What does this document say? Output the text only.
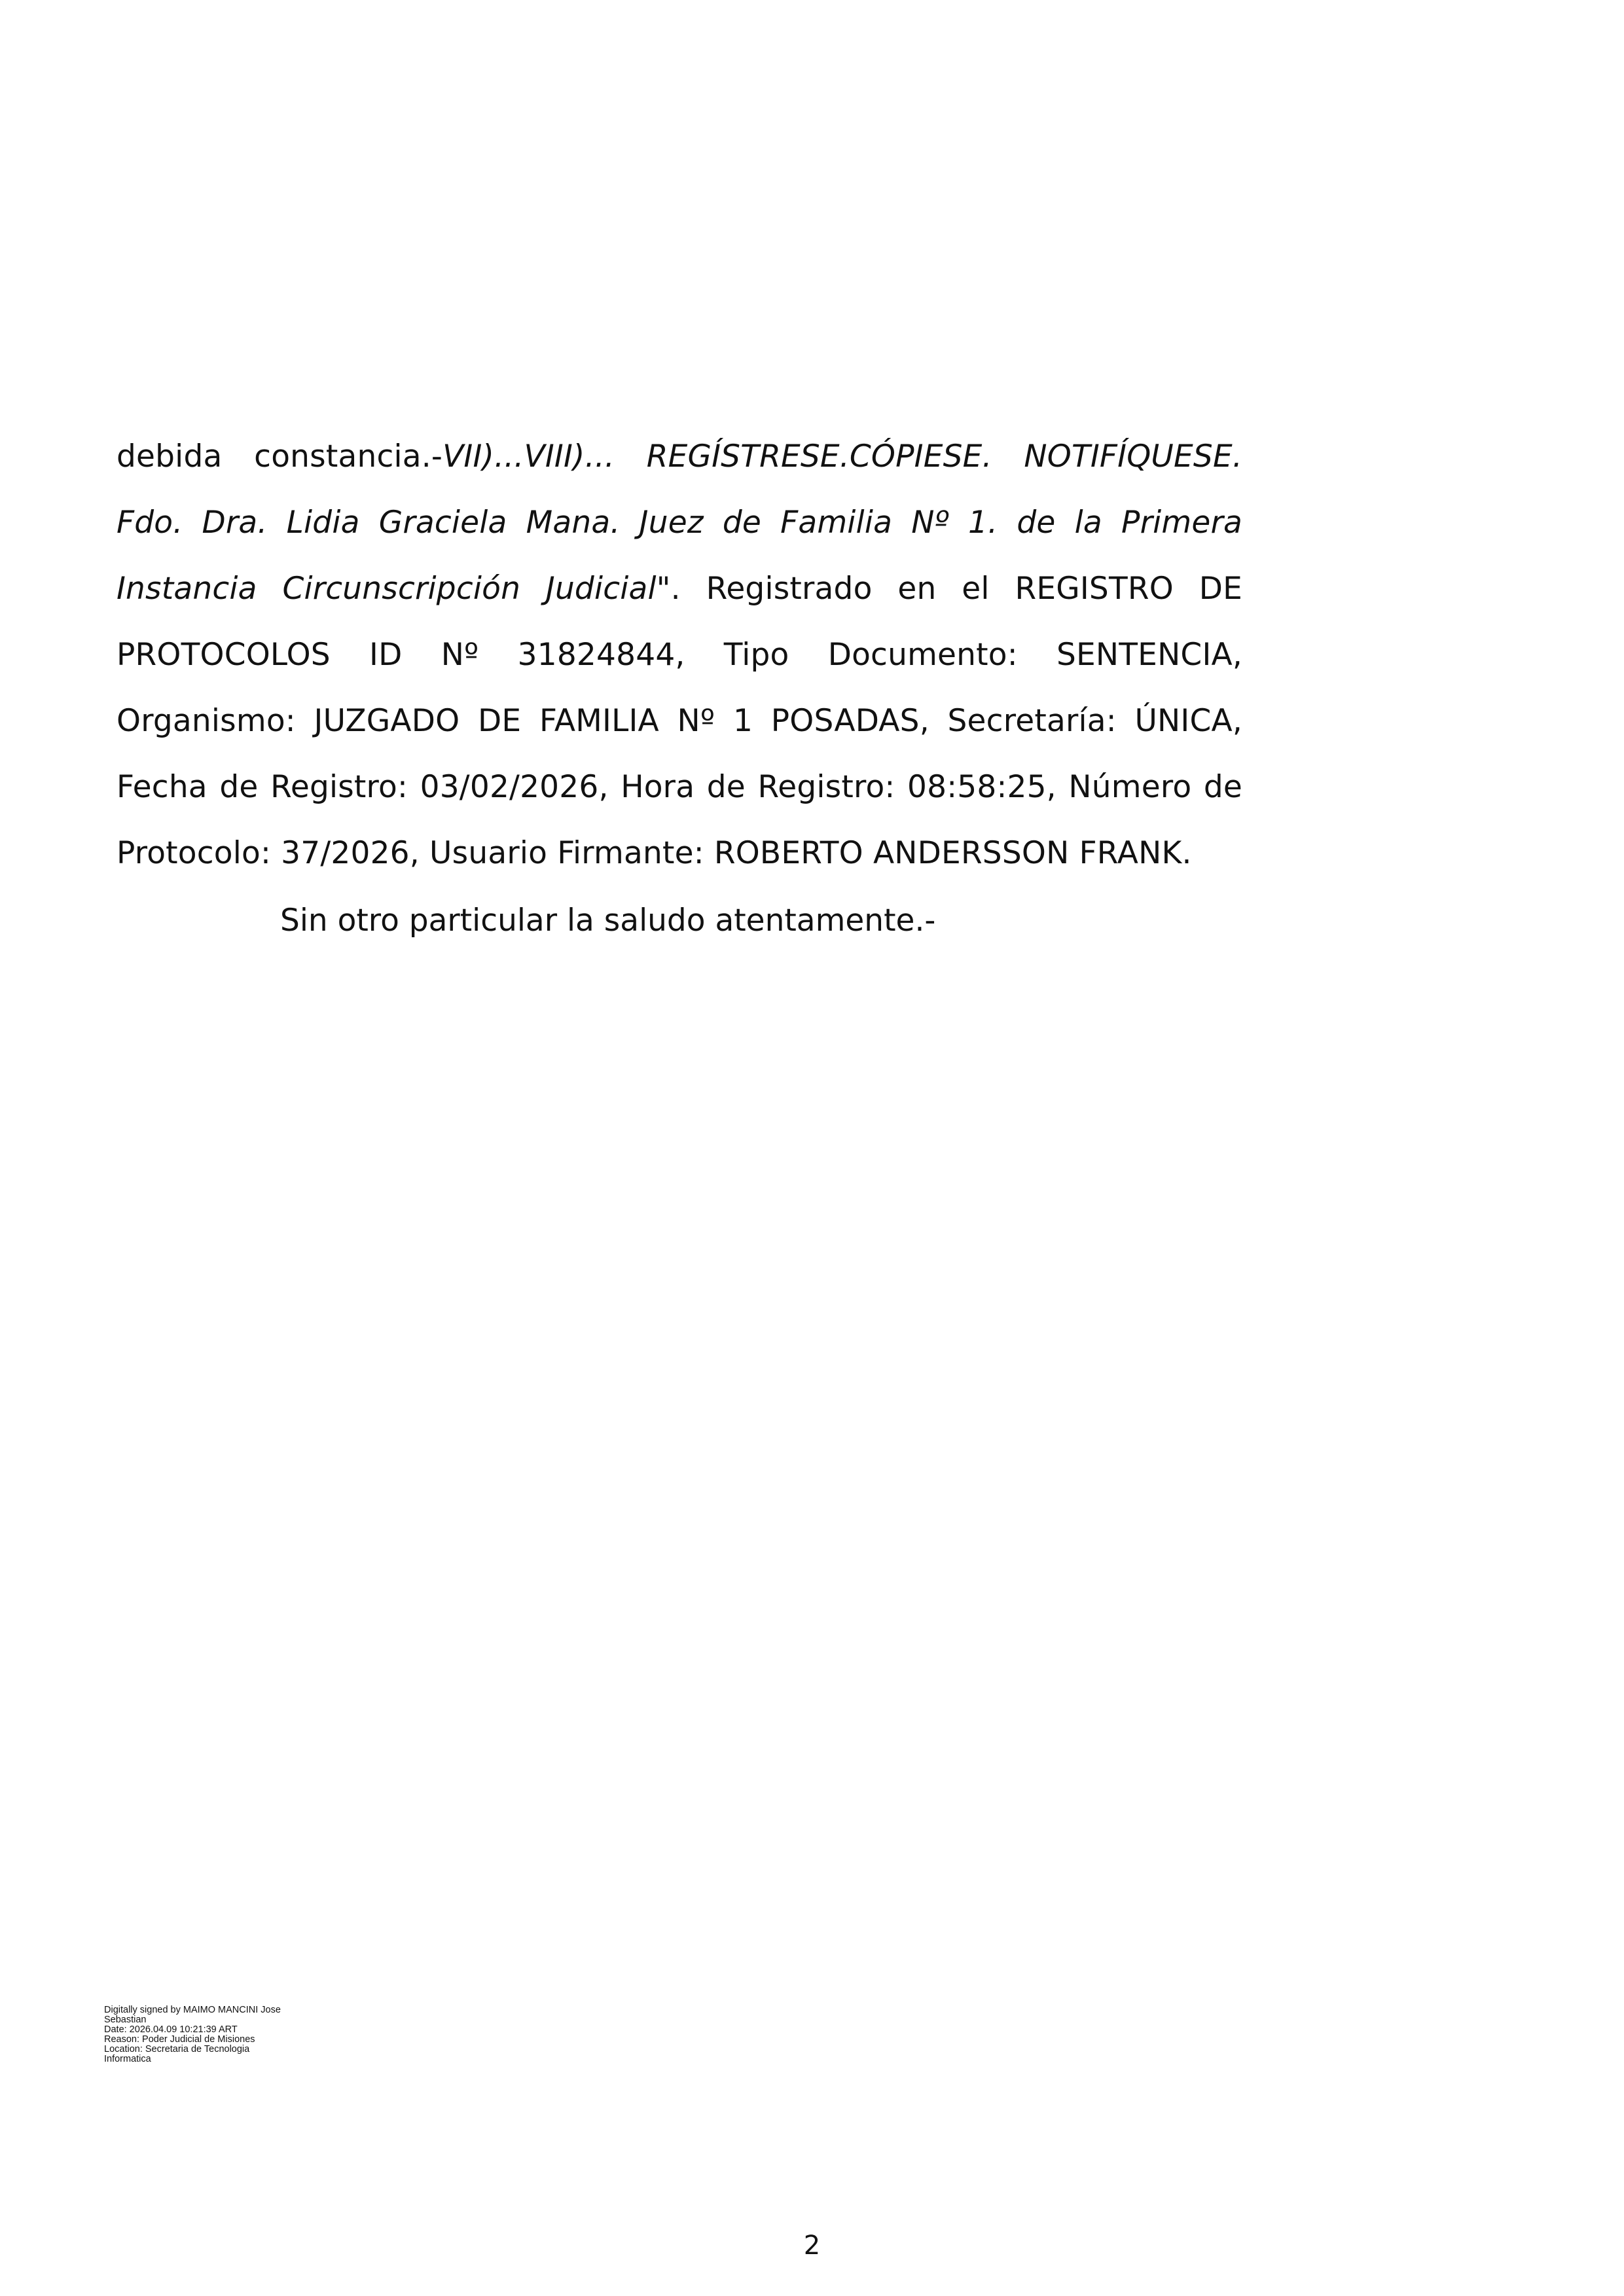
debida constancia.-VII)...VIII)... REGÍSTRESE.CÓPIESE. NOTIFÍQUESE. Fdo. Dra. Lidia Graciela Mana. Juez de Familia Nº 1. de la Primera Instancia Circunscripción Judicial". Registrado en el REGISTRO DE PROTOCOLOS ID Nº 31824844, Tipo Documento: SENTENCIA, Organismo: JUZGADO DE FAMILIA Nº 1 POSADAS, Secretaría: ÚNICA, Fecha de Registro: 03/02/2026, Hora de Registro: 08:58:25, Número de Protocolo: 37/2026, Usuario Firmante: ROBERTO ANDERSSON FRANK.

Sin otro particular la saludo atentamente.-
Digitally signed by MAIMO MANCINI Jose
Sebastian
Date: 2026.04.09 10:21:39 ART
Reason: Poder Judicial de Misiones
Location: Secretaria de Tecnologia
Informatica
2
